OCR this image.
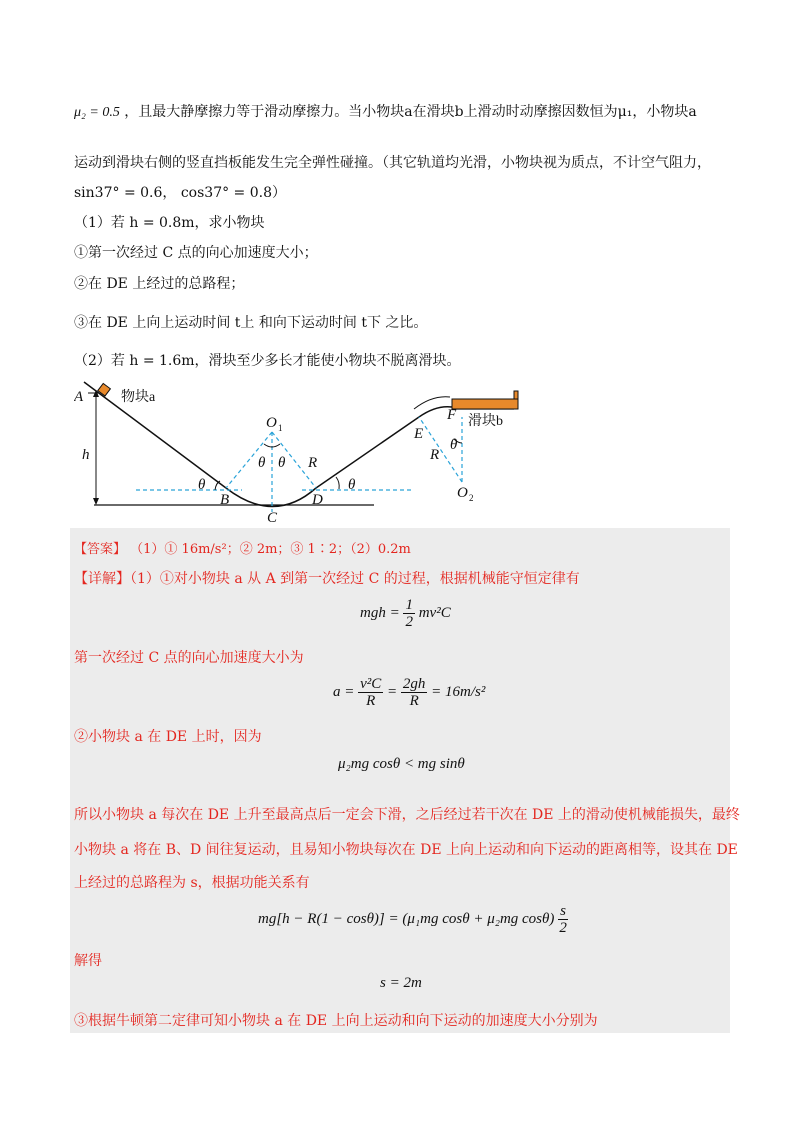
μ₂ = 0.5 ，且最大静摩擦力等于滑动摩擦力。当小物块a在滑块b上滑动时动摩擦因数恒为μ₁，小物块a
运动到滑块右侧的竖直挡板能发生完全弹性碰撞。（其它轨道均光滑，小物块视为质点，不计空气阻力，
sin37° = 0.6， cos37° = 0.8）
（1）若 h = 0.8m，求小物块
①第一次经过 C 点的向心加速度大小；
②在 DE 上经过的总路程；
③在 DE 上向上运动时间 t上 和向下运动时间 t下 之比。
（2）若 h = 1.6m，滑块至少多长才能使小物块不脱离滑块。
A	物块a
h
O 1
θ θ R
θ
B
C
D
θ
E
F 滑块b
θ
R
O 2
【答案】 （1）① 16m/s²；② 2m；③ 1∶2；（2）0.2m
【详解】（1）①对小物块 a 从 A 到第一次经过 C 的过程，根据机械能守恒定律有
mgh = $\frac{1}{2} mv^2C$
第一次经过 C 点的向心加速度大小为
$a = \frac{\text{v²C}}{R} = \frac{2gh}{R} = 16m/s^2$
②小物块 a 在 DE 上时，因为
μ₂mg cosθ < mg sinθ
所以小物块 a 每次在 DE 上升至最高点后一定会下滑，之后经过若干次在 DE 上的滑动使机械能损失，最终
小物块 a 将在 B、D 间往复运动，且易知小物块每次在 DE 上向上运动和向下运动的距离相等，设其在 DE
上经过的总路程为 s，根据功能关系有
mg[h − R(1 − cosθ)] = (μ₁mg cosθ + μ₂mg $\cos\theta) \frac{s}{2}$
解得
s = 2m
③根据牛顿第二定律可知小物块 a 在 DE 上向上运动和向下运动的加速度大小分别为
